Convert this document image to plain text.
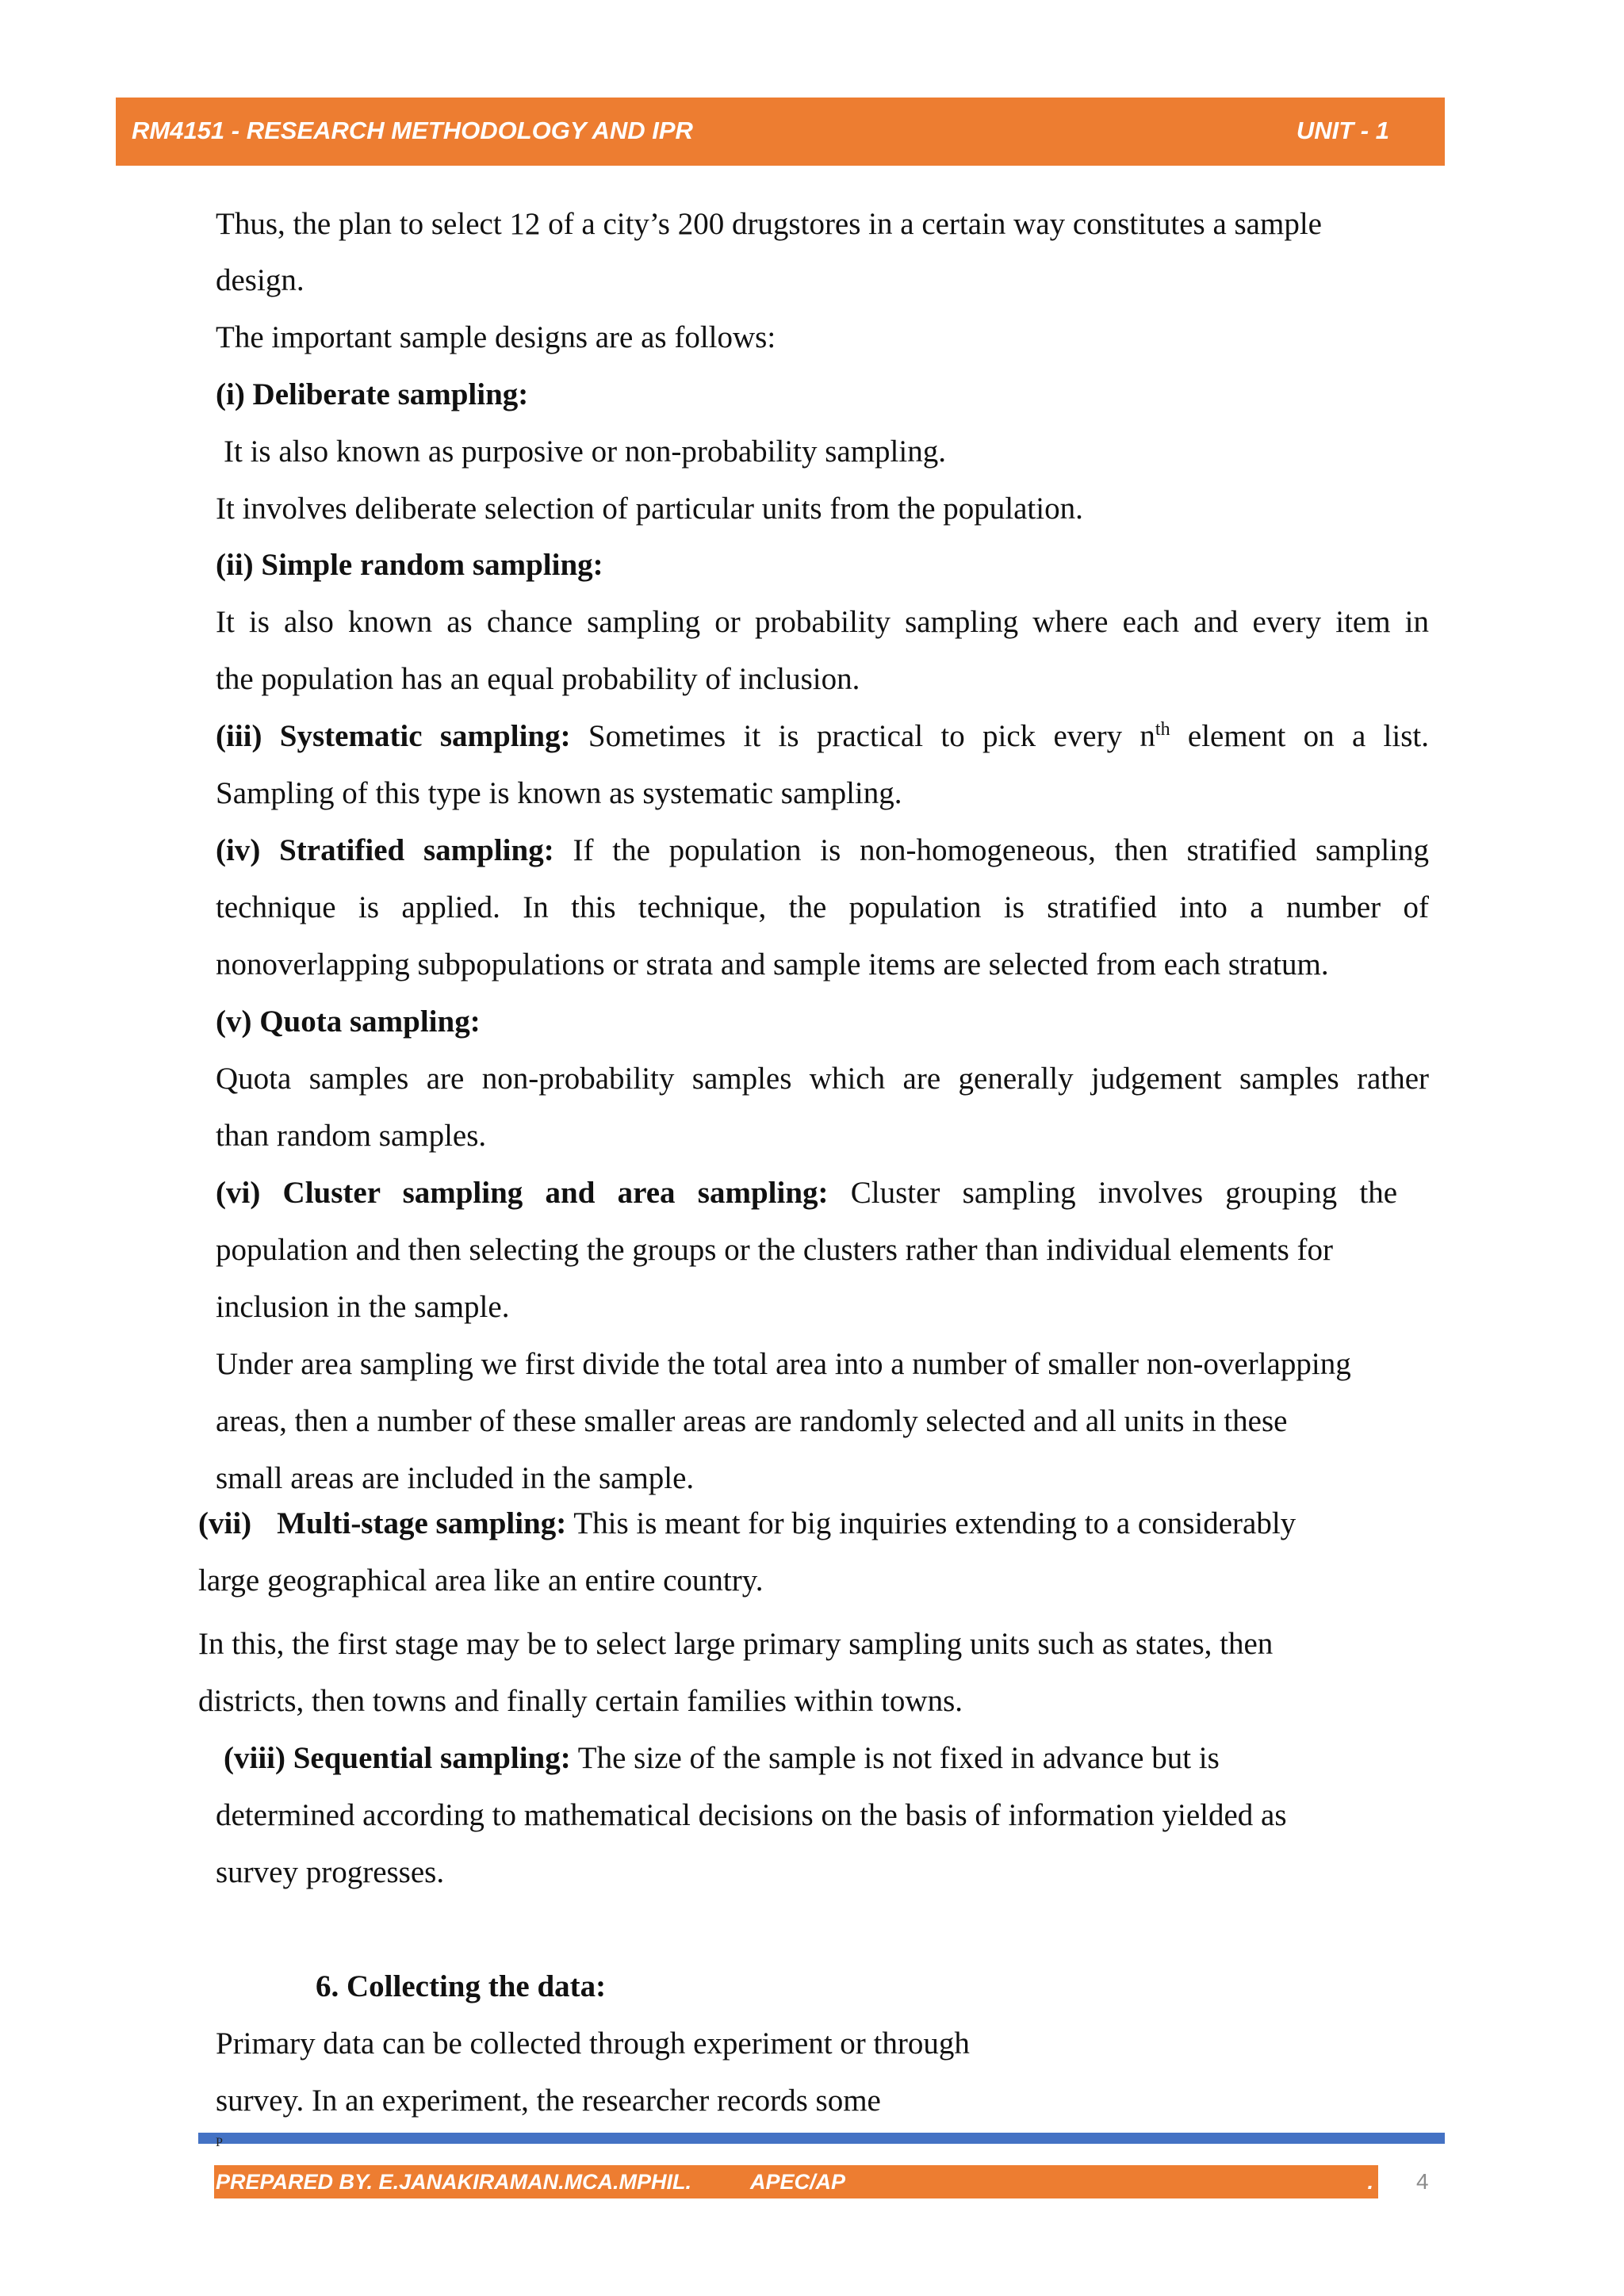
RM4151 - RESEARCH METHODOLOGY AND IPR	UNIT - 1
Thus, the plan to select 12 of a city’s 200 drugstores in a certain way constitutes a sample
design.
The important sample designs are as follows:
(i) Deliberate sampling:
It is also known as purposive or non-probability sampling.
It involves deliberate selection of particular units from the population.
(ii) Simple random sampling:
It is also known as chance sampling or probability sampling where each and every item in
the population has an equal probability of inclusion.
(iii) Systematic sampling: Sometimes it is practical to pick every $n^{th}$ element on a list.
Sampling of this type is known as systematic sampling.
(iv) Stratified sampling: If the population is non-homogeneous, then stratified sampling
technique is applied. In this technique, the population is stratified into a number of
nonoverlapping subpopulations or strata and sample items are selected from each stratum.
(v) Quota sampling:
Quota samples are non-probability samples which are generally judgement samples rather
than random samples.
(vi) Cluster sampling and area sampling: Cluster sampling involves grouping the
population and then selecting the groups or the clusters rather than individual elements for
inclusion in the sample.
Under area sampling we first divide the total area into a number of smaller non-overlapping
areas, then a number of these smaller areas are randomly selected and all units in these
small areas are included in the sample.
(vii) Multi-stage sampling: This is meant for big inquiries extending to a considerably
large geographical area like an entire country.
In this, the first stage may be to select large primary sampling units such as states, then
districts, then towns and finally certain families within towns.
(viii) Sequential sampling: The size of the sample is not fixed in advance but is
determined according to mathematical decisions on the basis of information yielded as
survey progresses.
6. Collecting the data:
Primary data can be collected through experiment or through
survey. In an experiment, the researcher records some
P
PREPARED BY. E.JANAKIRAMAN.MCA.MPHIL.	APEC/AP	. 4
